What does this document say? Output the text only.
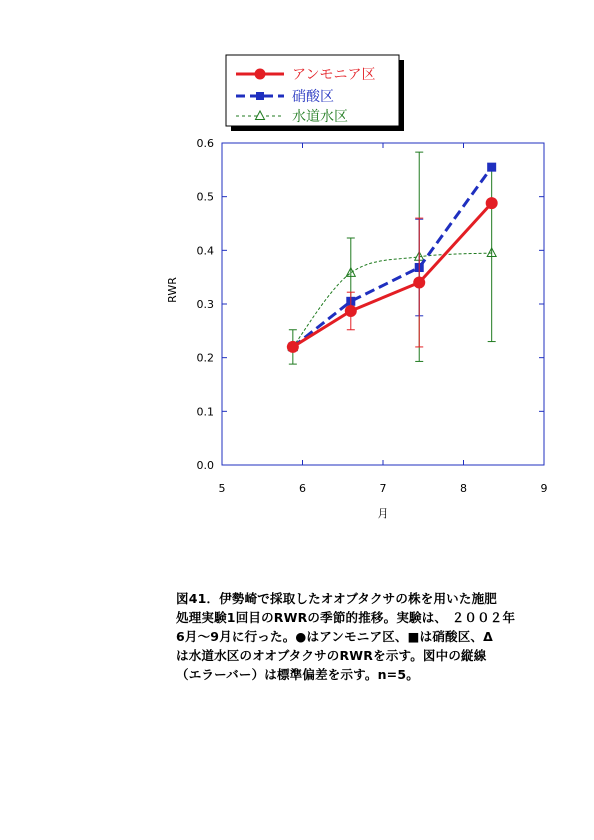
アンモニア区
硝酸区
水道水区
0.0
0.1
0.2
0.3
0.4
0.5
0.6
5	6	7	8	9
RWR
月
図41．伊勢崎で採取したオオブタクサの株を用いた施肥
処理実験1回目のRWRの季節的推移。実験は、 ２００２年
6月～9月に行った。●はアンモニア区、■は硝酸区、Δ
は水道水区のオオブタクサのRWRを示す。図中の縦線
（エラーバー）は標準偏差を示す。n=5。
